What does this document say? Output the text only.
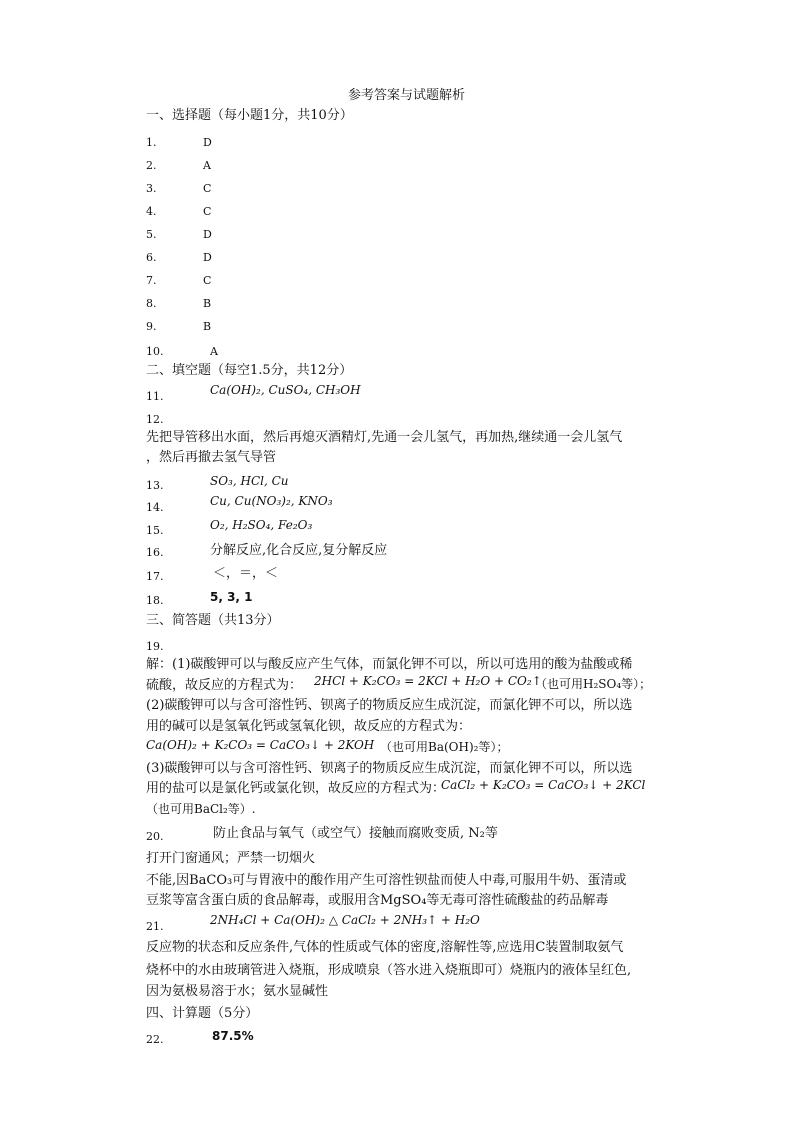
参考答案与试题解析
一、选择题（每小题1分，共10分）
1.	D
2.	A
3.	C
4.	C
5.	D
6.	D
7.	C
8.	B
9.	B
10.	A
二、填空题（每空1.5分，共12分）
11.	Ca(OH)₂, CuSO₄, CH₃OH
12.
先把导管移出水面，然后再熄灭酒精灯,先通一会儿氢气，再加热,继续通一会儿氢气
，然后再撤去氢气导管
13.	SO₃, HCl, Cu
14.	Cu, Cu(NO₃)₂, KNO₃
15.	O₂, H₂SO₄, Fe₂O₃
16.	分解反应,化合反应,复分解反应
17.	＜，＝，＜
18.	5, 3, 1
三、简答题（共13分）
19.
解：(1)碳酸钾可以与酸反应产生气体，而氯化钾不可以，所以可选用的酸为盐酸或稀
硫酸，故反应的方程式为： 2HCl + K₂CO₃ = 2KCl + H₂O + CO₂↑
（也可用H₂SO₄等）；
(2)碳酸钾可以与含可溶性钙、钡离子的物质反应生成沉淀，而氯化钾不可以，所以选
用的碱可以是氢氧化钙或氢氧化钡，故反应的方程式为：
Ca(OH)₂ + K₂CO₃ = CaCO₃↓ + 2KOH （也可用Ba(OH)₂等）；
(3)碳酸钾可以与含可溶性钙、钡离子的物质反应生成沉淀，而氯化钾不可以，所以选
用的盐可以是氯化钙或氯化钡，故反应的方程式为：
CaCl₂ + K₂CO₃ = CaCO₃↓ + 2KCl
（也可用BaCl₂等）.
20.	防止食品与氧气（或空气）接触而腐败变质, N₂等
打开门窗通风；严禁一切烟火
不能,因BaCO₃可与胃液中的酸作用产生可溶性钡盐而使人中毒,可服用牛奶、蛋清或
豆浆等富含蛋白质的食品解毒，或服用含MgSO₄等无毒可溶性硫酸盐的药品解毒
21.	2NH₄Cl + Ca(OH)₂ △ CaCl₂ + 2NH₃↑ + H₂O
反应物的状态和反应条件,气体的性质或气体的密度,溶解性等,应选用C装置制取氨气
烧杯中的水由玻璃管进入烧瓶，形成喷泉（答水进入烧瓶即可）烧瓶内的液体呈红色,
因为氨极易溶于水；氨水显碱性
四、计算题（5分）
22.	87.5%
